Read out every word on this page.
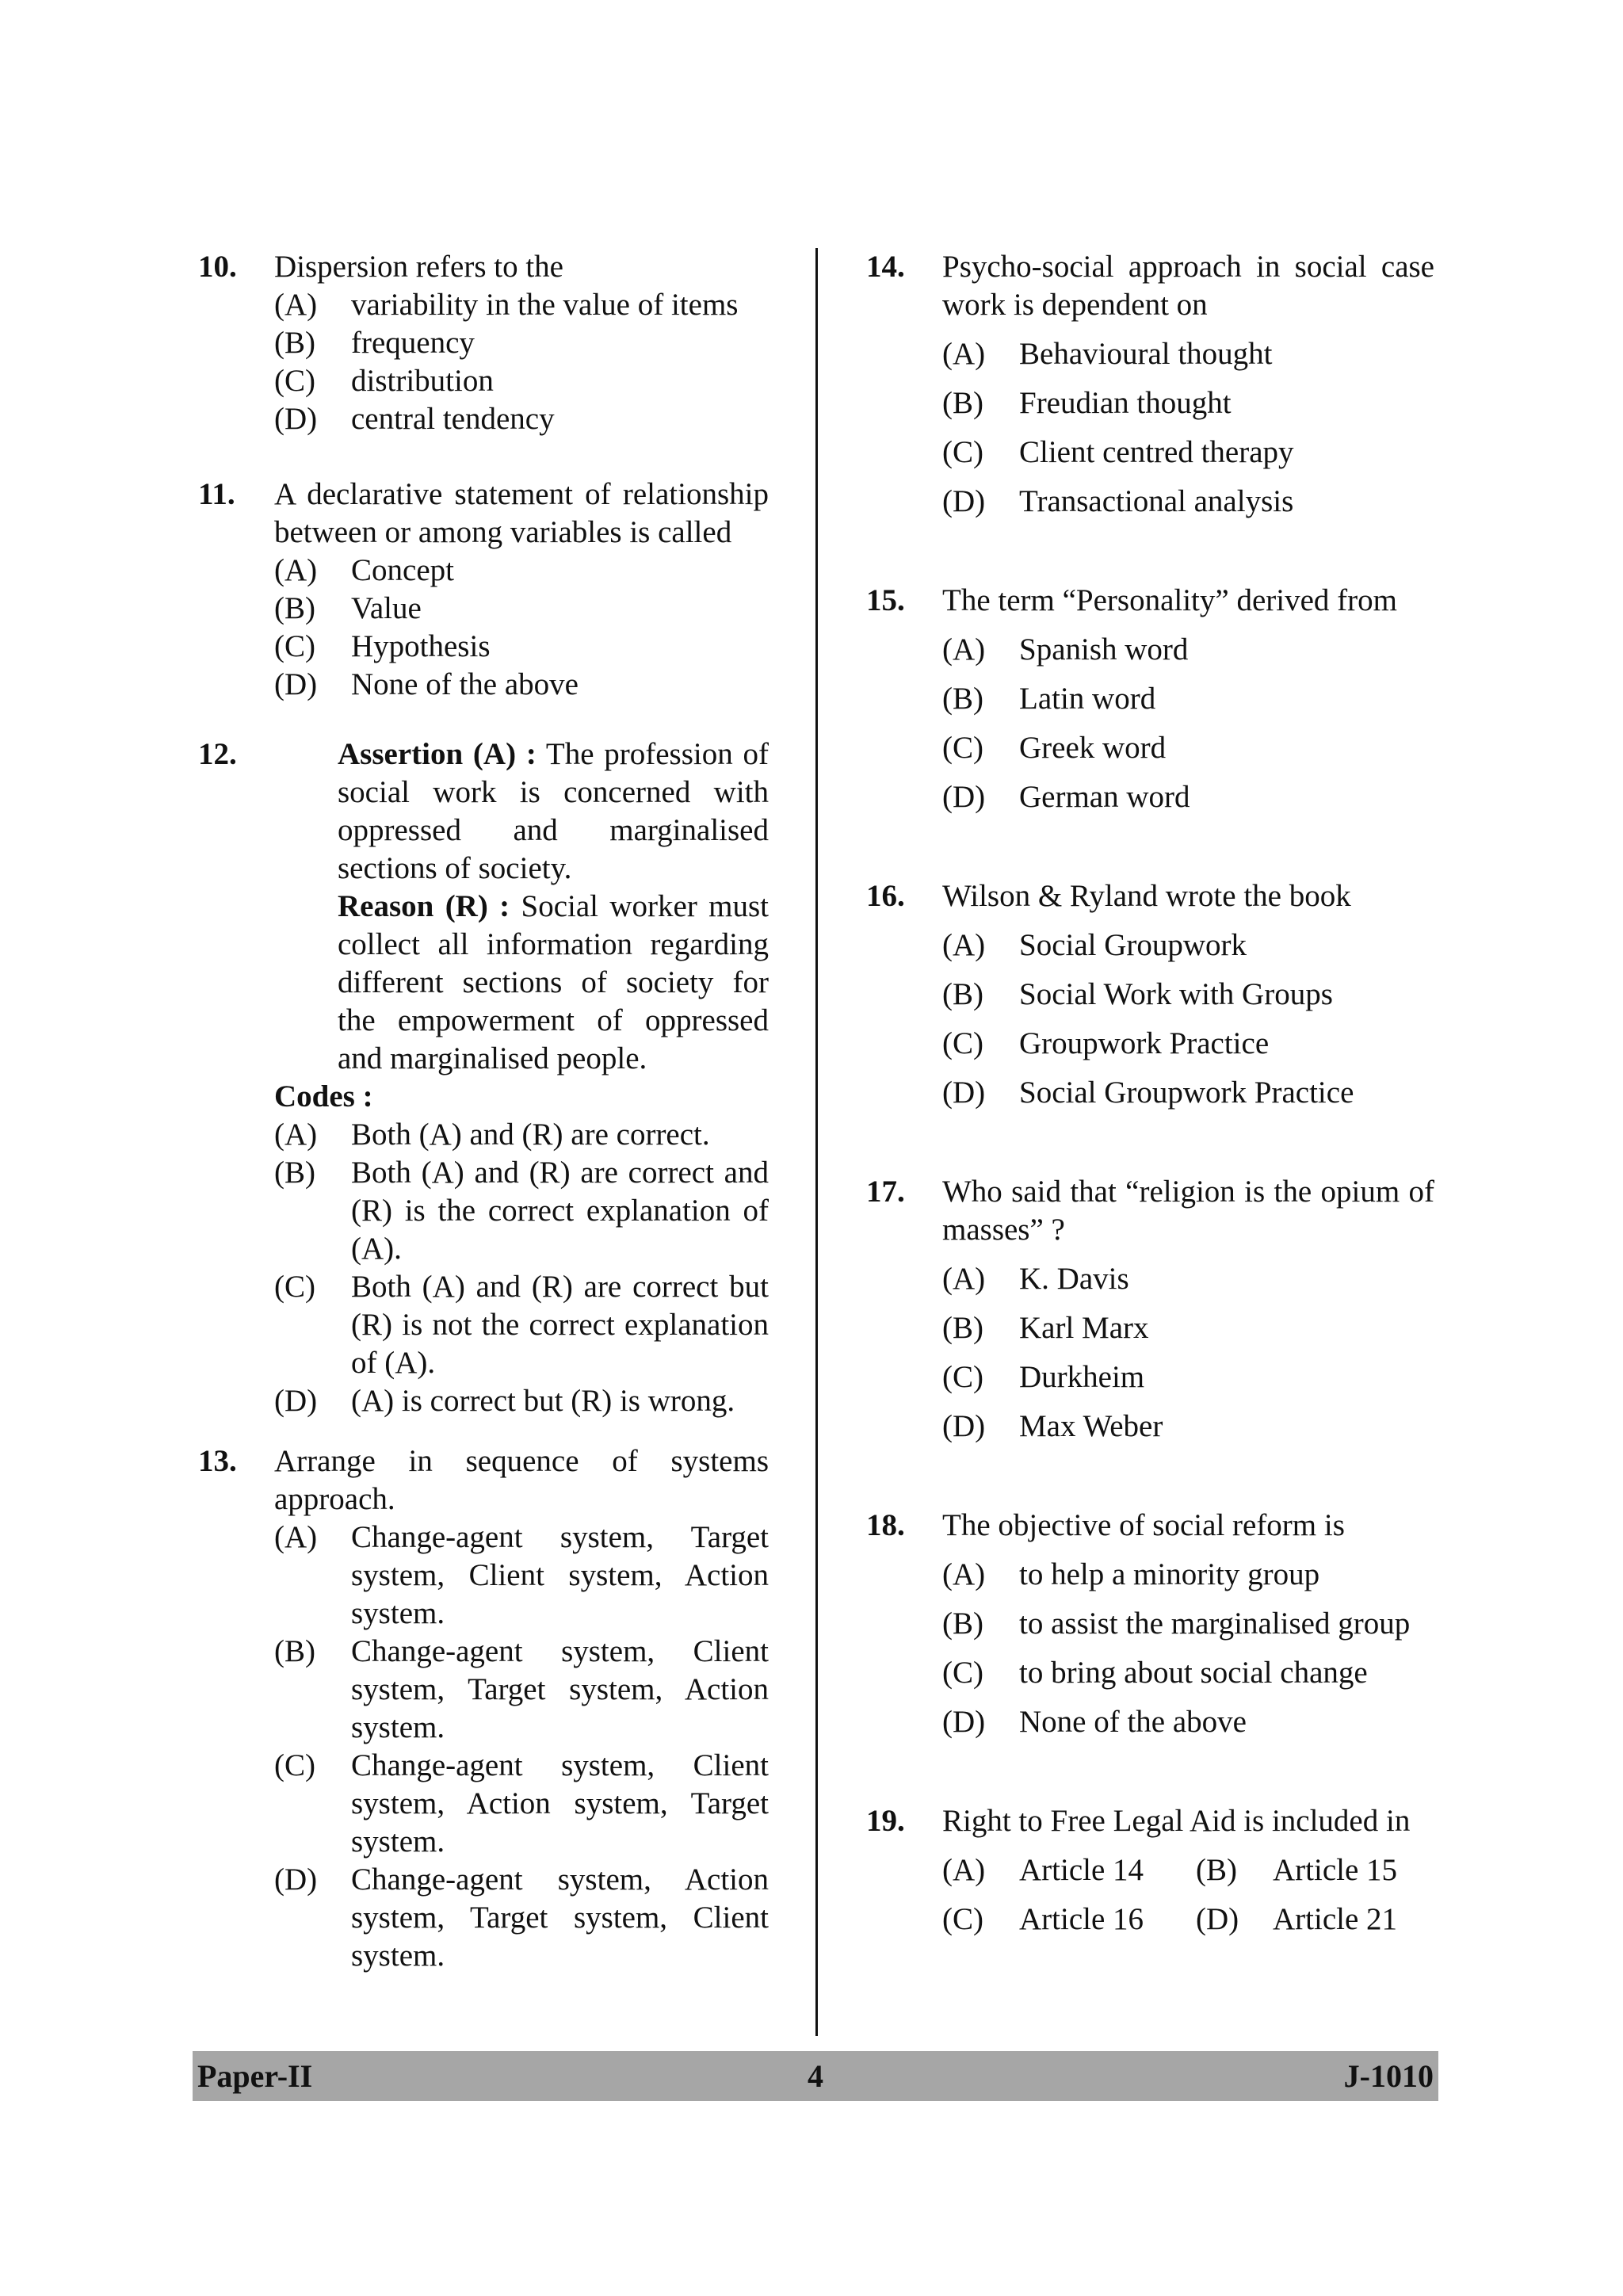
10. Dispersion refers to the
(A) variability in the value of items
(B) frequency
(C) distribution
(D) central tendency
11. A declarative statement of relationship between or among variables is called
(A) Concept
(B) Value
(C) Hypothesis
(D) None of the above
12.	Assertion (A) : The profession of social work is concerned with oppressed and marginalised sections of society.
Reason (R) : Social worker must collect all information regarding different sections of society for the empowerment of oppressed and marginalised people.
Codes :
(A) Both (A) and (R) are correct.
(B) Both (A) and (R) are correct and (R) is the correct explanation of (A).
(C) Both (A) and (R) are correct but (R) is not the correct explanation of (A).
(D) (A) is correct but (R) is wrong.
13. Arrange in sequence of systems approach.
(A) Change-agent system, Target system, Client system, Action system.
(B) Change-agent system, Client system, Target system, Action system.
(C) Change-agent system, Client system, Action system, Target system.
(D) Change-agent system, Action system, Target system, Client system.
14. Psycho-social approach in social case work is dependent on
(A) Behavioural thought
(B) Freudian thought
(C) Client centred therapy
(D) Transactional analysis
15. The term “Personality” derived from
(A) Spanish word
(B) Latin word
(C) Greek word
(D) German word
16. Wilson & Ryland wrote the book
(A) Social Groupwork
(B) Social Work with Groups
(C) Groupwork Practice
(D) Social Groupwork Practice
17. Who said that “religion is the opium of masses” ?
(A) K. Davis
(B) Karl Marx
(C) Durkheim
(D) Max Weber
18. The objective of social reform is
(A) to help a minority group
(B) to assist the marginalised group
(C) to bring about social change
(D) None of the above
19. Right to Free Legal Aid is included in
(A) Article 14	(B) Article 15
(C) Article 16	(D) Article 21
Paper-II	4	J-1010
